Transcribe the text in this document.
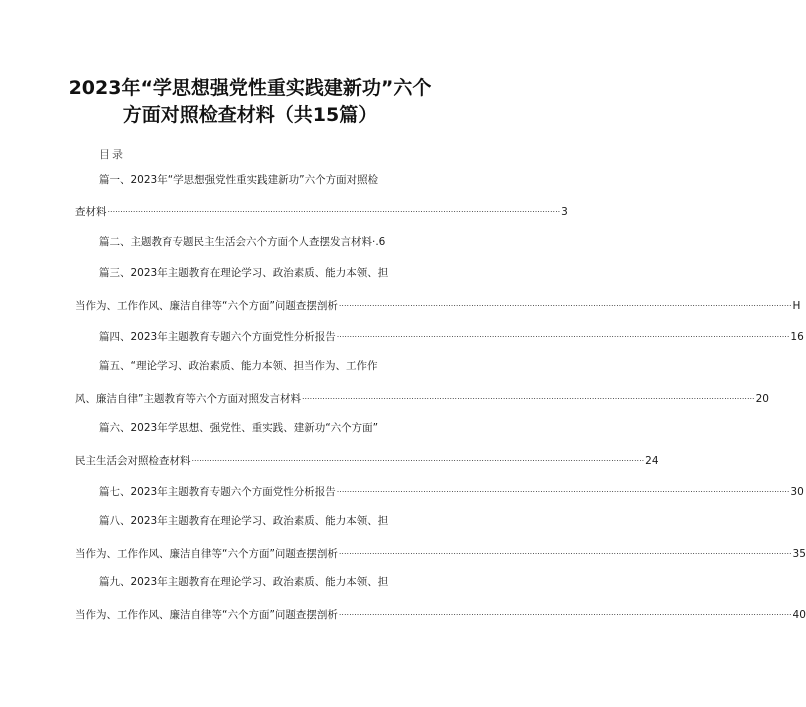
2023年“学思想强党性重实践建新功”六个
方面对照检查材料（共15篇）
目录
篇一、2023年“学思想强党性重实践建新功”六个方面对照检
查材料 .................................................................................................................................................................................. 3
篇二、主题教育专题民主生活会六个方面个人查摆发言材料·.6
篇三、2023年主题教育在理论学习、政治素质、能力本领、担
当作为、工作作风、廉洁自律等“六个方面”问题查摆剖析 .................................................................................................................................................................................. H
篇四、2023年主题教育专题六个方面党性分析报告 .................................................................................................................................................................................. 16
篇五、“理论学习、政治素质、能力本领、担当作为、工作作
风、廉洁自律”主题教育等六个方面对照发言材料 .................................................................................................................................................................................. 20
篇六、2023年学思想、强党性、重实践、建新功“六个方面”
民主生活会对照检查材料 .................................................................................................................................................................................. 24
篇七、2023年主题教育专题六个方面党性分析报告 .................................................................................................................................................................................. 30
篇八、2023年主题教育在理论学习、政治素质、能力本领、担
当作为、工作作风、廉洁自律等“六个方面”问题查摆剖析 .................................................................................................................................................................................. 35
篇九、2023年主题教育在理论学习、政治素质、能力本领、担
当作为、工作作风、廉洁自律等“六个方面”问题查摆剖析 .................................................................................................................................................................................. 40
